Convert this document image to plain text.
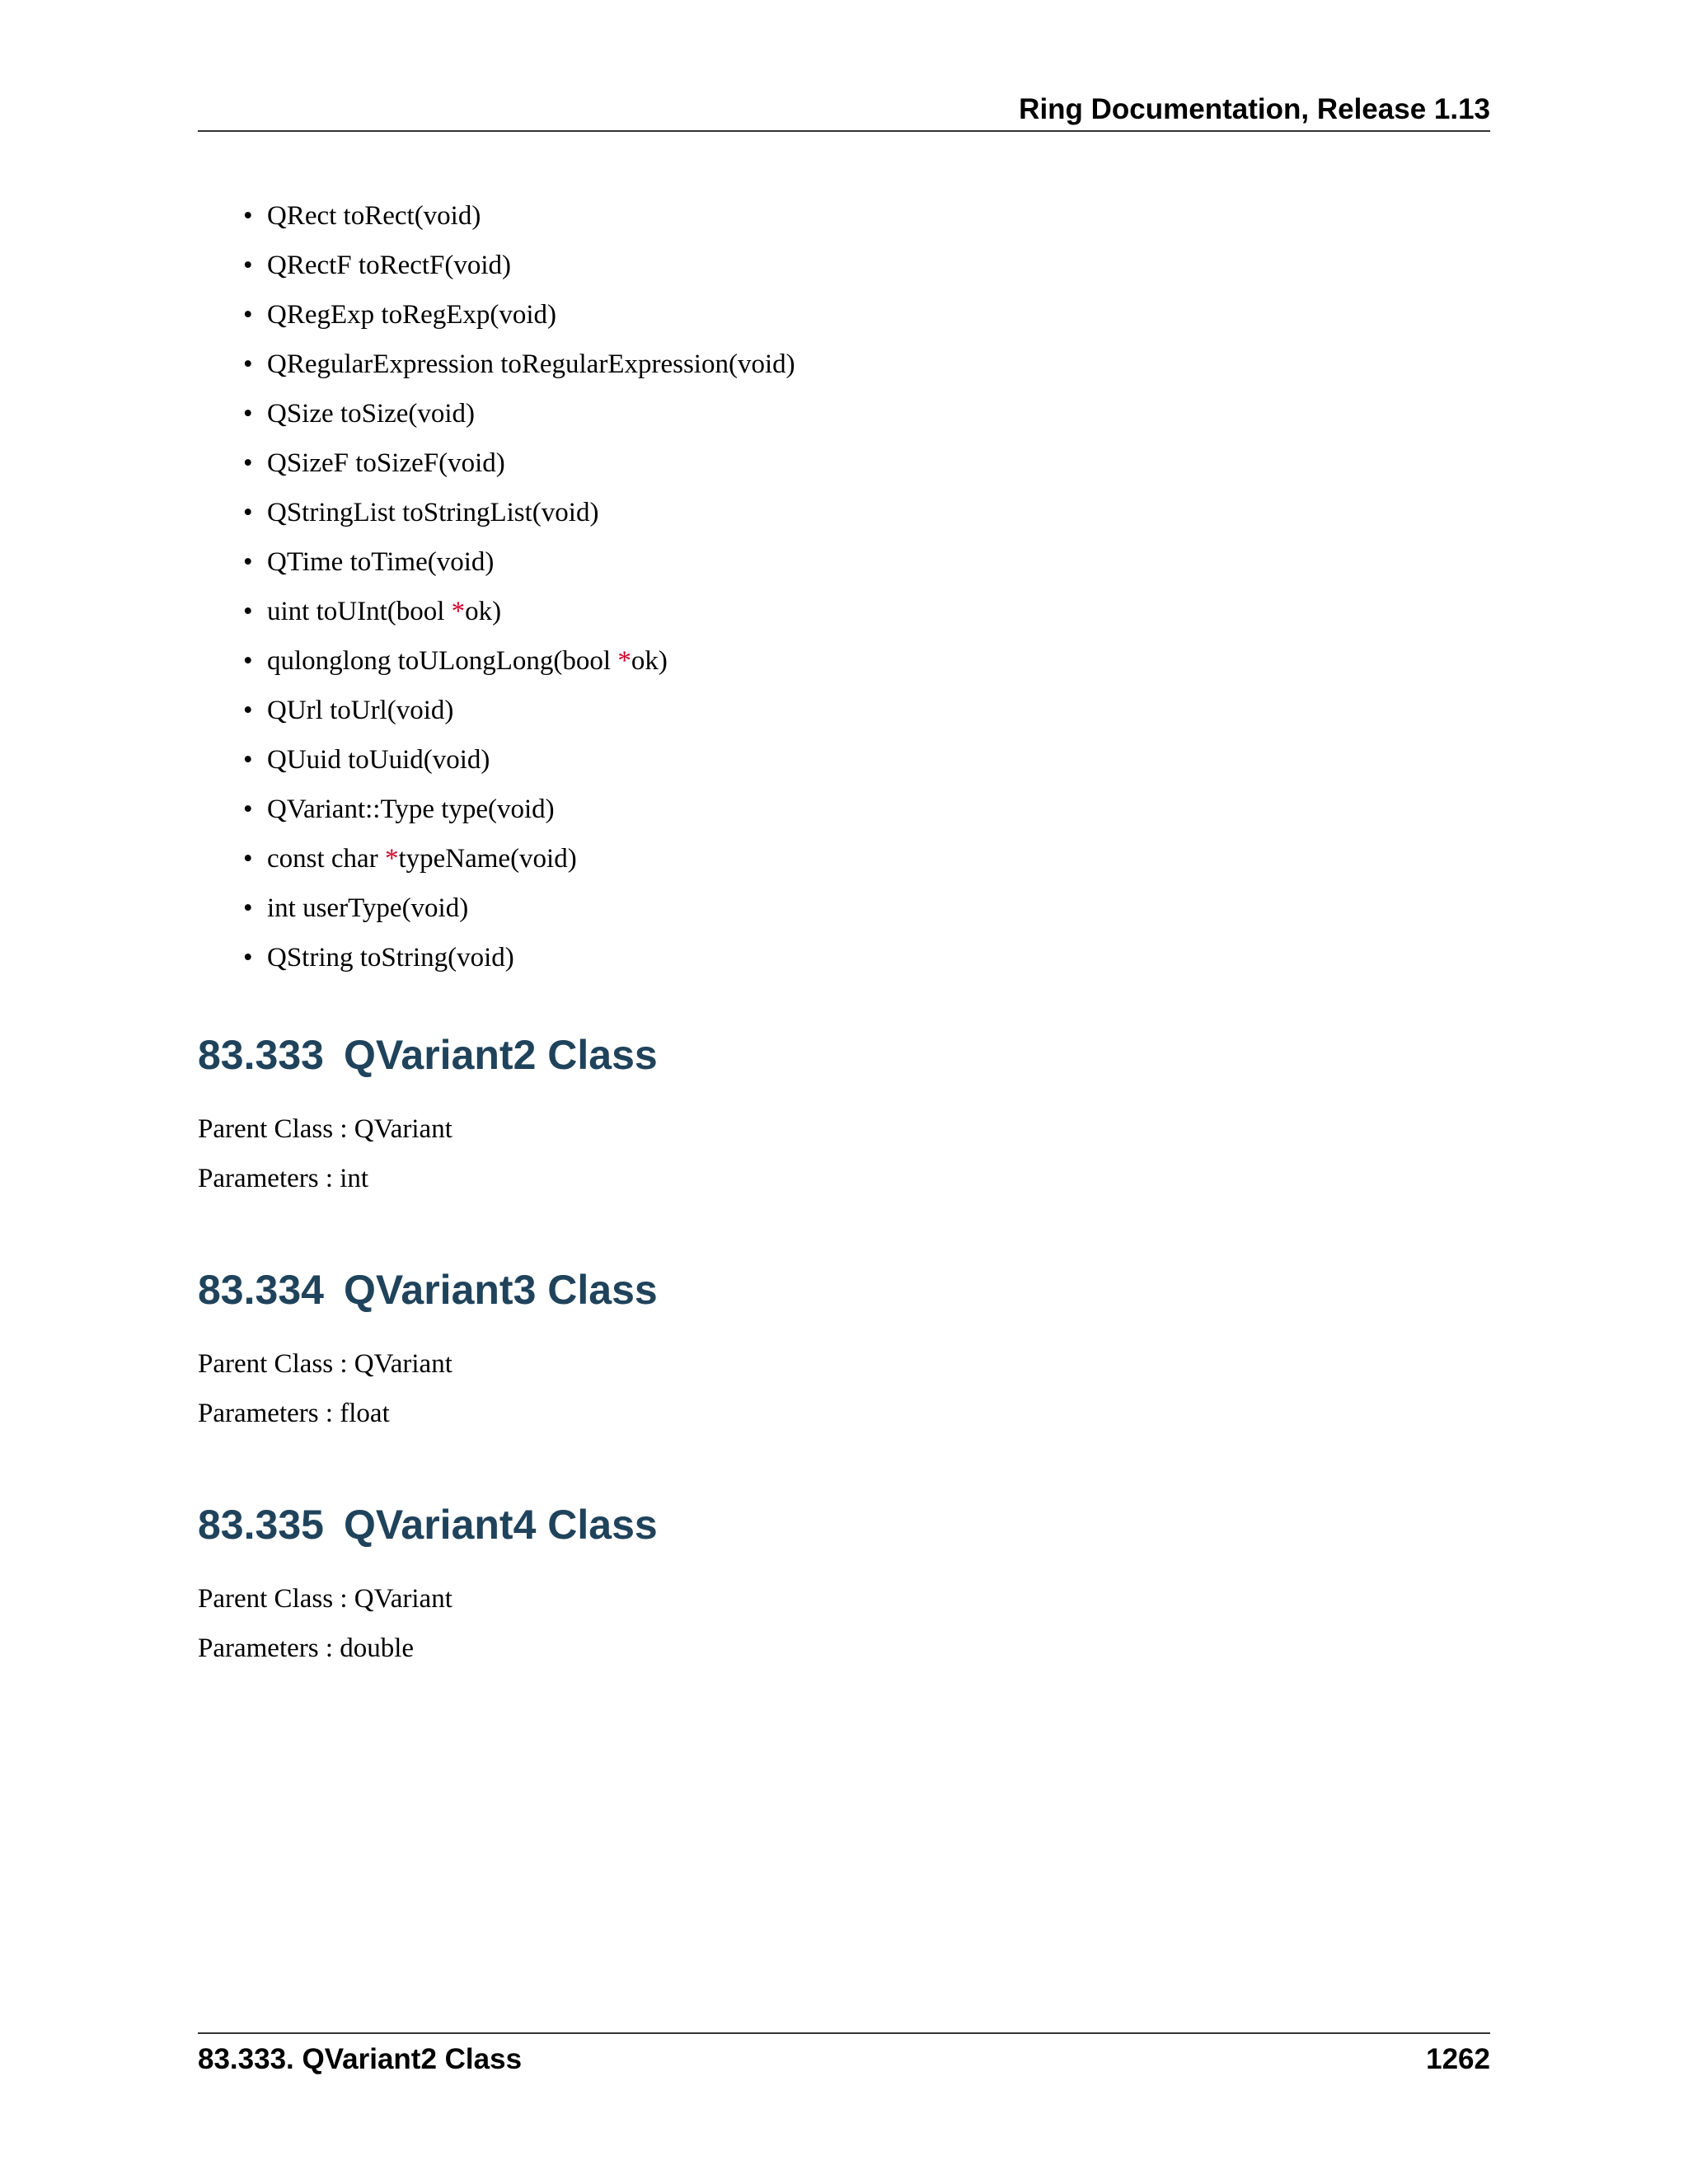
Ring Documentation, Release 1.13
• QRect toRect(void)
• QRectF toRectF(void)
• QRegExp toRegExp(void)
• QRegularExpression toRegularExpression(void)
• QSize toSize(void)
• QSizeF toSizeF(void)
• QStringList toStringList(void)
• QTime toTime(void)
• uint toUInt(bool *ok)
• qulonglong toULongLong(bool *ok)
• QUrl toUrl(void)
• QUuid toUuid(void)
• QVariant::Type type(void)
• const char *typeName(void)
• int userType(void)
• QString toString(void)
83.333 QVariant2 Class

Parent Class : QVariant

Parameters : int

83.334 QVariant3 Class

Parent Class : QVariant

Parameters : float

83.335 QVariant4 Class

Parent Class : QVariant

Parameters : double

83.333. QVariant2 Class	1262
